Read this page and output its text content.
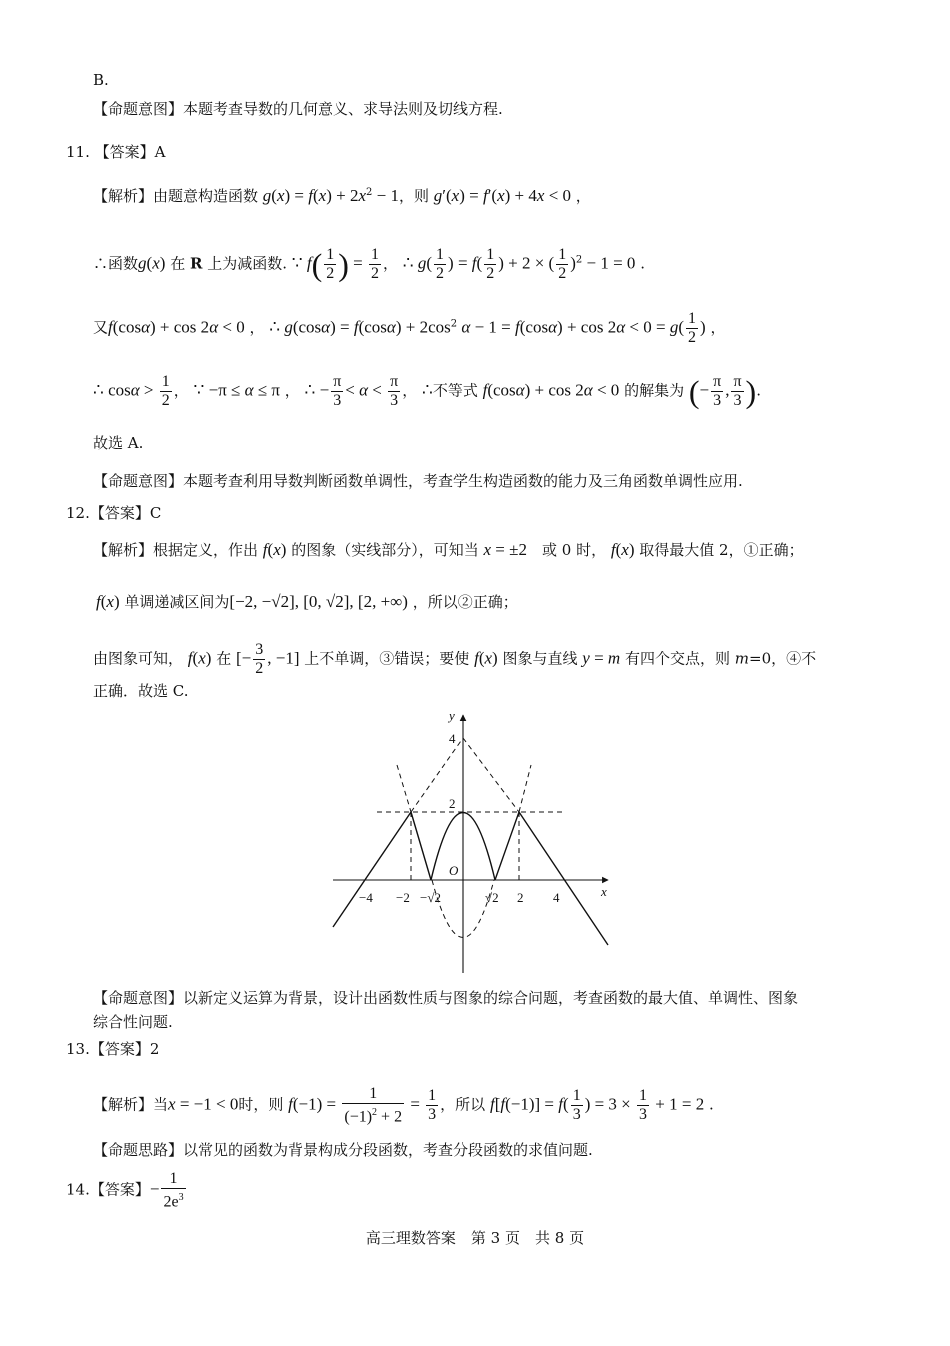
B.
【命题意图】本题考查导数的几何意义、求导法则及切线方程.
11. 【答案】A
【解析】由题意构造函数 $g(x) = f(x) + 2x^2 - 1$，则 g′(x) = f′(x) + 4x < 0 ，
∴函数g(x) 在 R 上为减函数. ∵ $f( \frac{1}{2}$ ) = $\frac{1}{2}$ ， ∴ $g( \frac{1}{2}$ ) = $f( \frac{1}{2}$ ) + 2 × ( $\frac{1}{2} )^2 - 1 = 0$ .
又f(cosα) + cos 2α < 0 ， ∴ $g(\cos\alpha) = f(\cos\alpha) + 2\cos^2$ $\alpha - 1 = f(\cos\alpha) + \cos 2\alpha < 0 = g( \frac{1}{2}$ ) ，
∴ $\cos\alpha > \frac{1}{2}$ ， ∵ −π ≤ α ≤ π ， ∴ − $\frac{\pi}{3} < \alpha < \frac{\pi}{3}$ ， ∴不等式 f(cosα) + cos 2α < 0 的解集为 (− $\frac{\pi}{3}$ , $\frac{\pi}{3}$ ).
故选 A.
【命题意图】本题考查利用导数判断函数单调性，考查学生构造函数的能力及三角函数单调性应用.
12.【答案】C
【解析】根据定义，作出 f(x) 的图象（实线部分），可知当 x = ±2　 或 0 时， f(x) 取得最大值 2，①正确；
f(x) 单调递减区间为[−2, −√2], [0, √2], [2, +∞) ，所以②正确；
由图象可知， f(x) 在 [− $\frac{3}{2}$ , −1] 上不单调，③错误；要使 f(x) 图象与直线 y = m 有四个交点，则 m=0，④不
正确．故选 C.
y
x
O
4
2
−4 −2 −√2	√2 2 4
【命题意图】以新定义运算为背景，设计出函数性质与图象的综合问题，考查函数的最大值、单调性、图象
综合性问题.
13.【答案】2
【解析】当x = −1 < 0时，则 $f(-1) = \frac{1}{(-1)^2 + 2} = \frac{1}{3}$ ，所以 $f[f(-1)] = f( \frac{1}{3}$ ) = $3 \times \frac{1}{3} + 1 = 2$ .
【命题思路】以常见的函数为背景构成分段函数，考查分段函数的求值问题.
14.【答案】− $\frac{1}{2e^3}$
高三理数答案　第 3 页　共 8 页
